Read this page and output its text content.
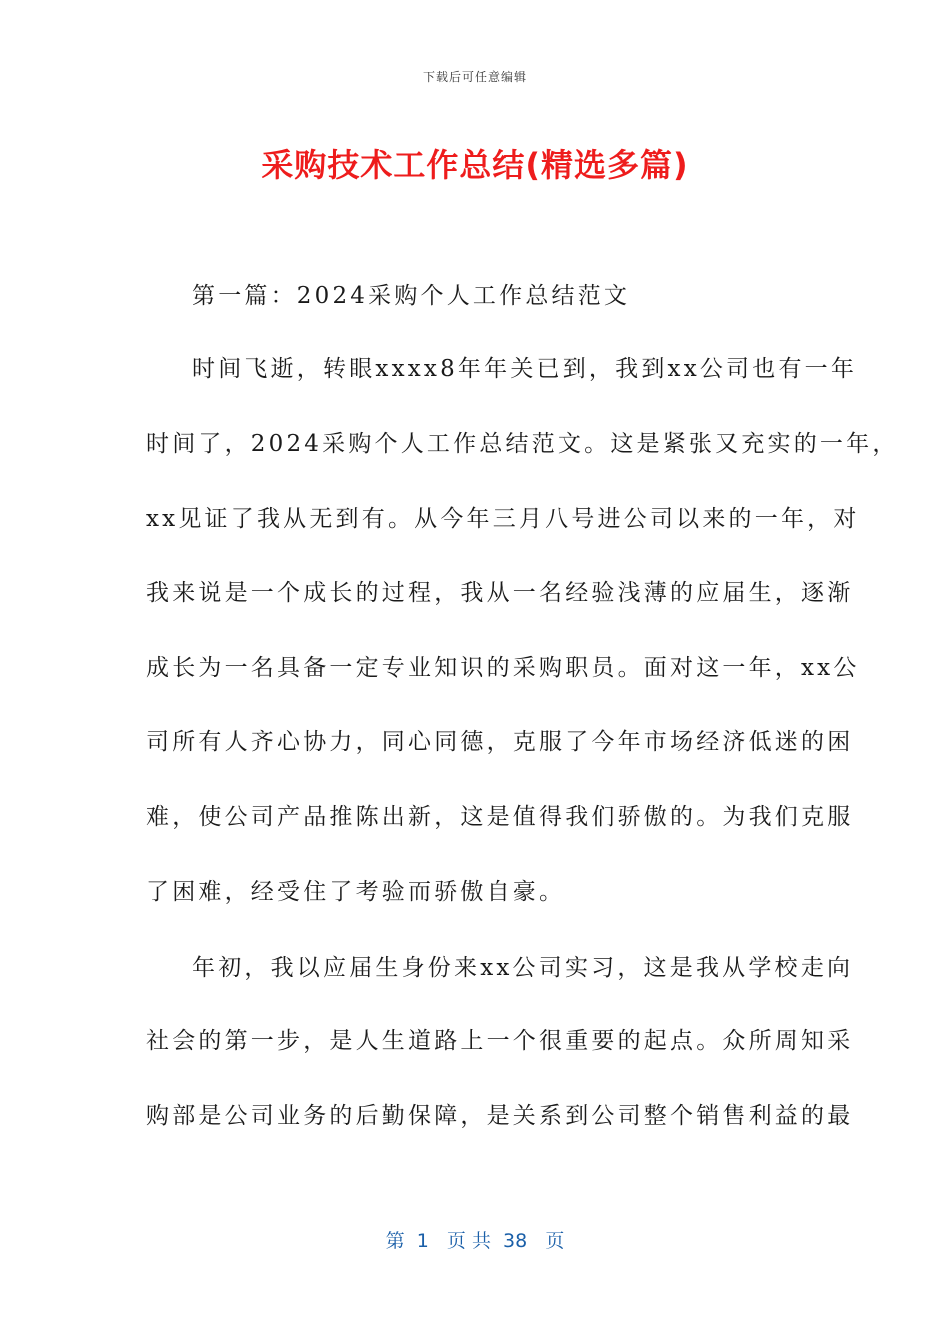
下载后可任意编辑
采购技术工作总结(精选多篇)
第一篇：2024采购个人工作总结范文
时间飞逝，转眼xxxx8年年关已到，我到xx公司也有一年
时间了，2024采购个人工作总结范文。这是紧张又充实的一年，
xx见证了我从无到有。从今年三月八号进公司以来的一年，对
我来说是一个成长的过程，我从一名经验浅薄的应届生，逐渐
成长为一名具备一定专业知识的采购职员。面对这一年，xx公
司所有人齐心协力，同心同德，克服了今年市场经济低迷的困
难，使公司产品推陈出新，这是值得我们骄傲的。为我们克服
了困难，经受住了考验而骄傲自豪。
年初，我以应届生身份来xx公司实习，这是我从学校走向
社会的第一步，是人生道路上一个很重要的起点。众所周知采
购部是公司业务的后勤保障，是关系到公司整个销售利益的最
第  1   页 共  38   页
